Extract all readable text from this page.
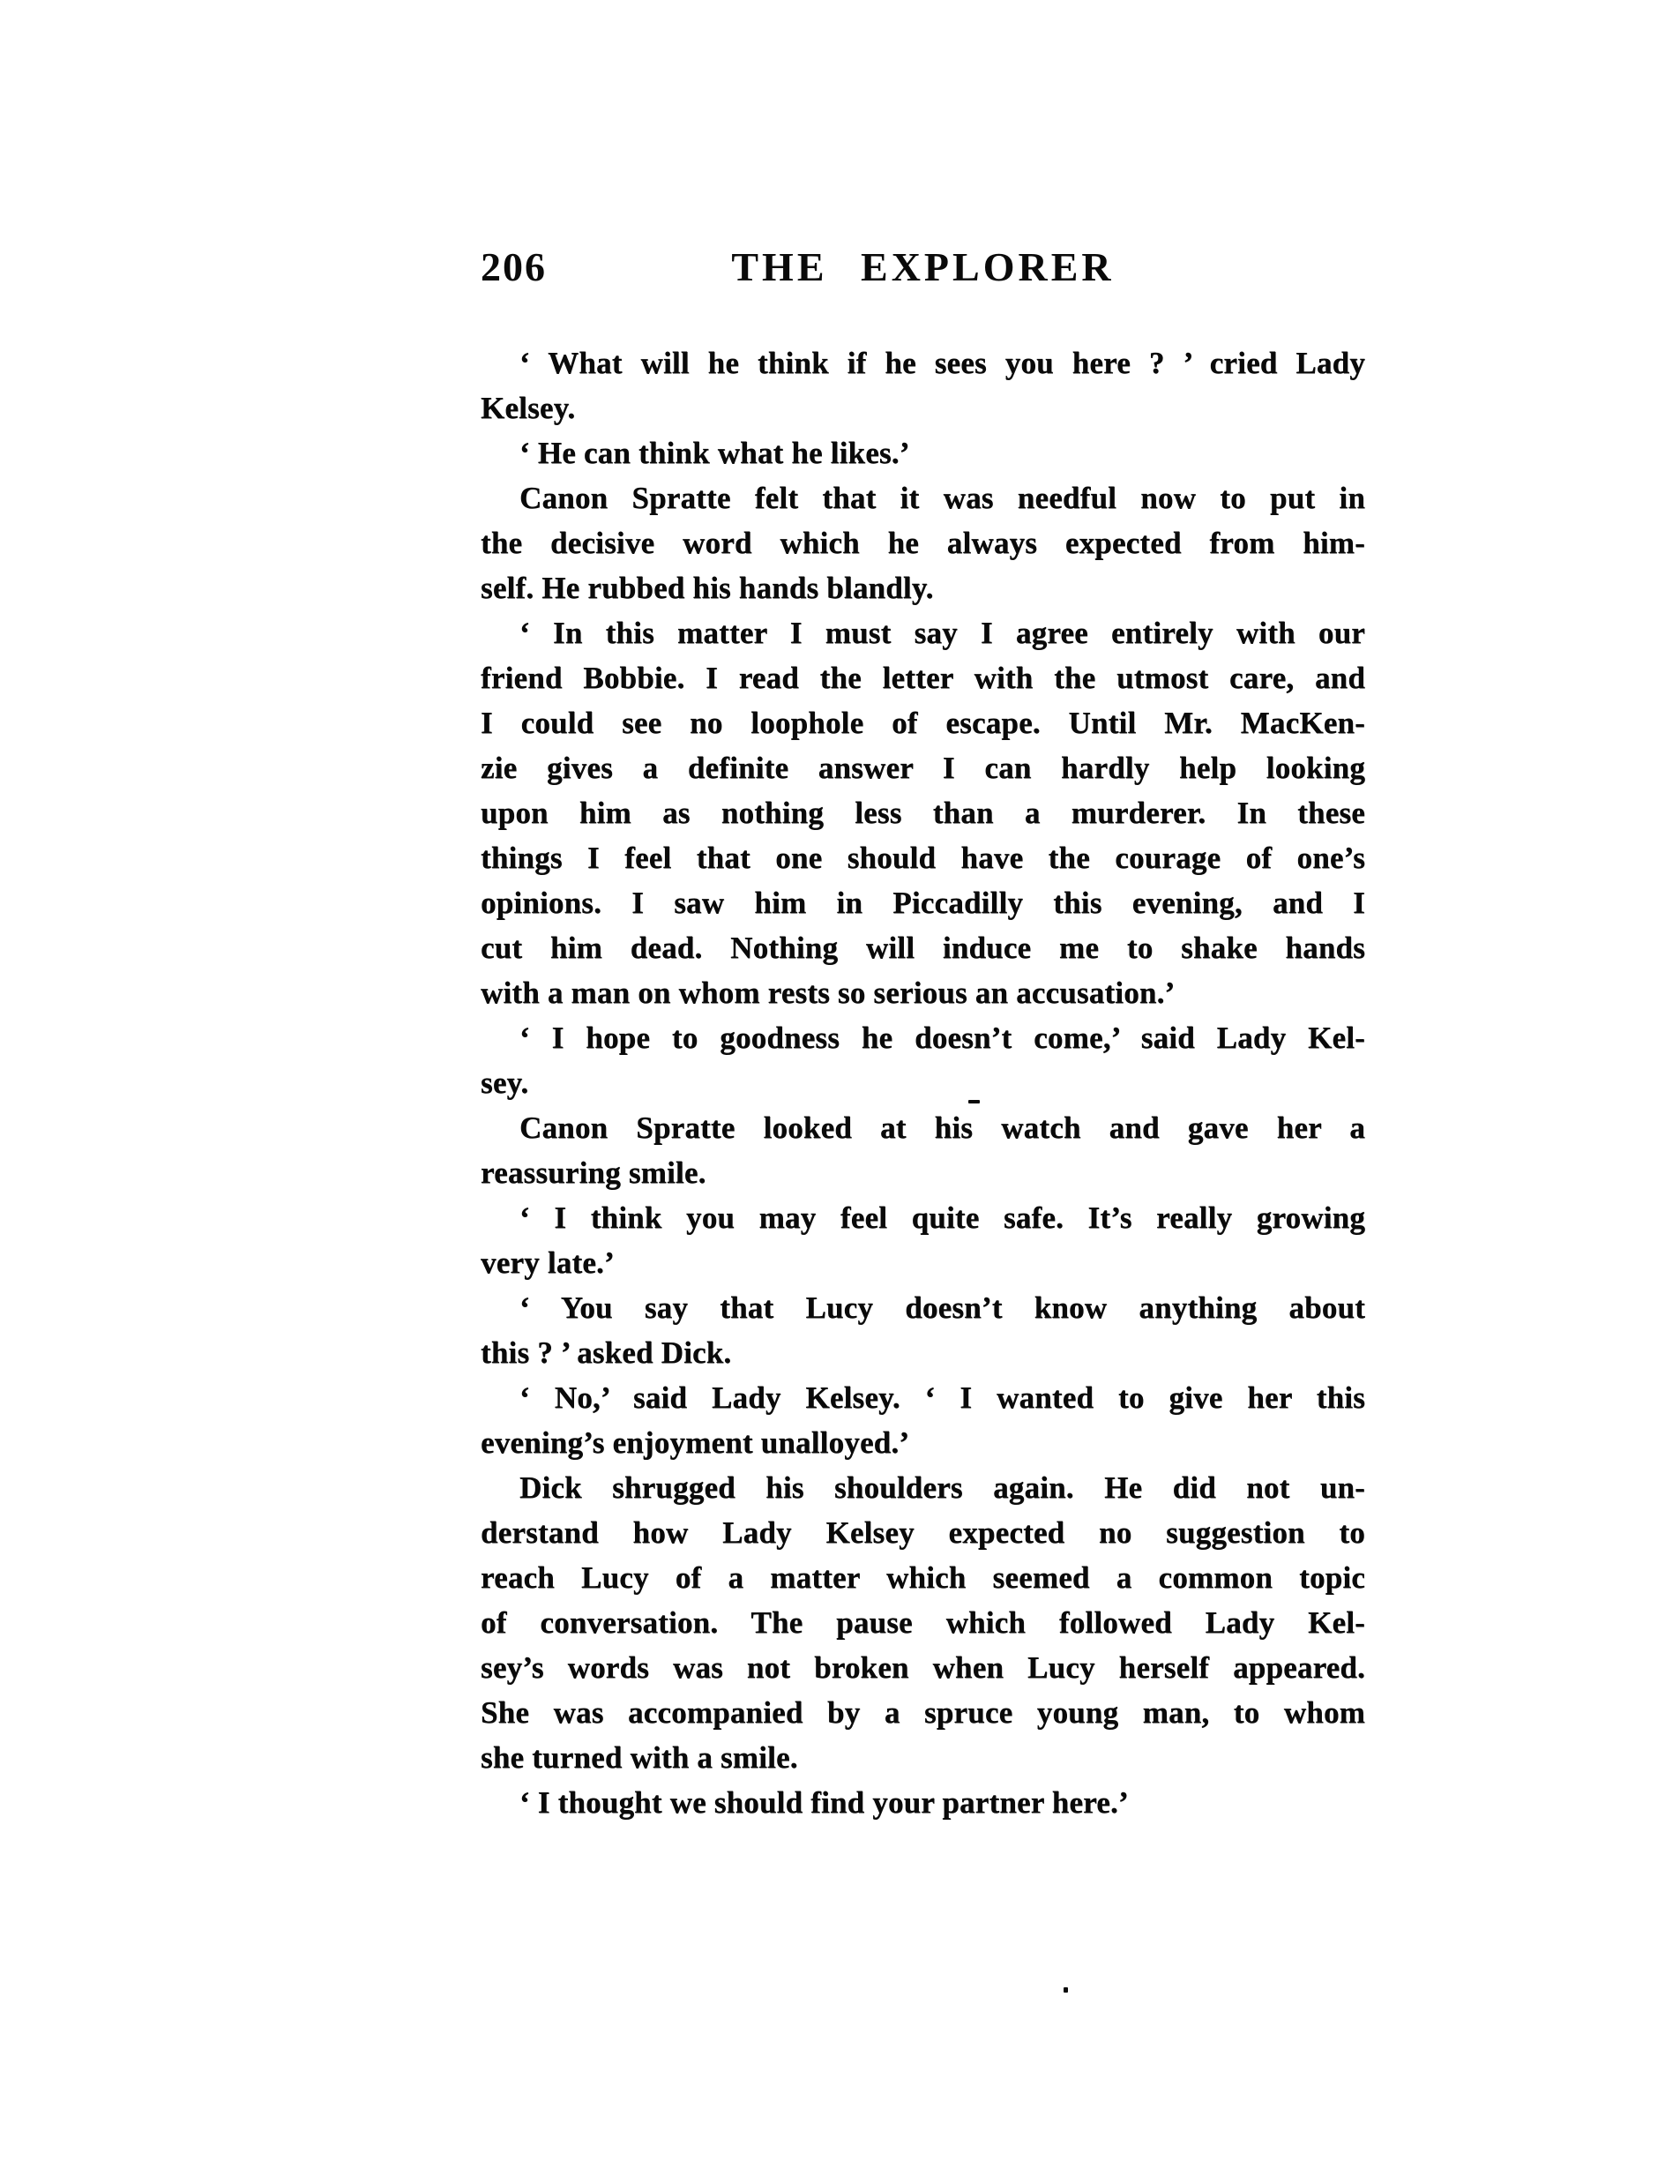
206	THE EXPLORER
‘ What will he think if he sees you here ? ’ cried Lady
Kelsey.
‘ He can think what he likes.’
Canon Spratte felt that it was needful now to put in
the decisive word which he always expected from him-
self. He rubbed his hands blandly.
‘ In this matter I must say I agree entirely with our
friend Bobbie. I read the letter with the utmost care, and
I could see no loophole of escape. Until Mr. MacKen-
zie gives a definite answer I can hardly help looking
upon him as nothing less than a murderer. In these
things I feel that one should have the courage of one’s
opinions. I saw him in Piccadilly this evening, and I
cut him dead. Nothing will induce me to shake hands
with a man on whom rests so serious an accusation.’
‘ I hope to goodness he doesn’t come,’ said Lady Kel-
sey.
Canon Spratte looked at his watch and gave her a
reassuring smile.
‘ I think you may feel quite safe. It’s really growing
very late.’
‘ You say that Lucy doesn’t know anything about
this ? ’ asked Dick.
‘ No,’ said Lady Kelsey. ‘ I wanted to give her this
evening’s enjoyment unalloyed.’
Dick shrugged his shoulders again. He did not un-
derstand how Lady Kelsey expected no suggestion to
reach Lucy of a matter which seemed a common topic
of conversation. The pause which followed Lady Kel-
sey’s words was not broken when Lucy herself appeared.
She was accompanied by a spruce young man, to whom
she turned with a smile.
‘ I thought we should find your partner here.’
